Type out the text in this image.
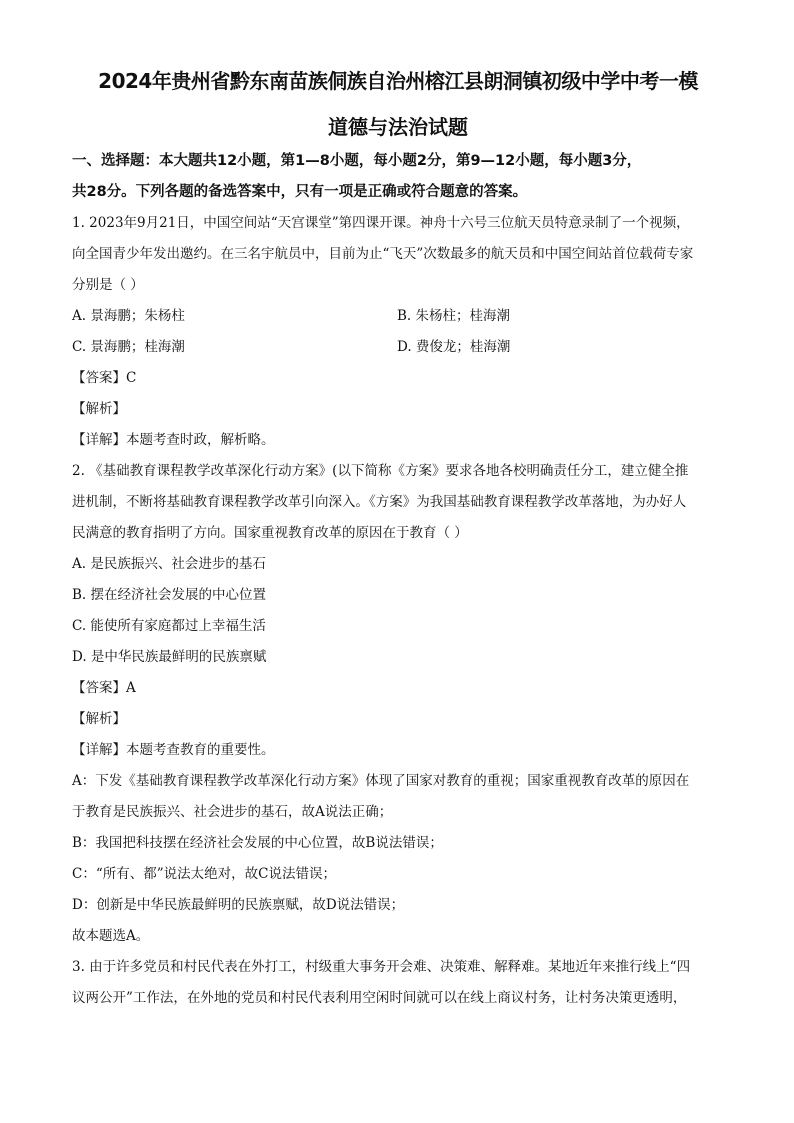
2024年贵州省黔东南苗族侗族自治州榕江县朗洞镇初级中学中考一模

道德与法治试题

一、选择题：本大题共12小题，第1—8小题，每小题2分，第9—12小题，每小题3分，

共28分。下列各题的备选答案中，只有一项是正确或符合题意的答案。

1. 2023年9月21日，中国空间站“天宫课堂”第四课开课。神舟十六号三位航天员特意录制了一个视频，

向全国青少年发出邀约。在三名宇航员中，目前为止“飞天”次数最多的航天员和中国空间站首位载荷专家

分别是（ ）

A. 景海鹏；朱杨柱	B. 朱杨柱；桂海潮
C. 景海鹏；桂海潮	D. 费俊龙；桂海潮

【答案】C

【解析】

【详解】本题考查时政，解析略。

2. 《基础教育课程教学改革深化行动方案》(以下简称《方案》要求各地各校明确责任分工，建立健全推

进机制，不断将基础教育课程教学改革引向深入。《方案》为我国基础教育课程教学改革落地，为办好人

民满意的教育指明了方向。国家重视教育改革的原因在于教育（ ）

A. 是民族振兴、社会进步的基石

B. 摆在经济社会发展的中心位置

C. 能使所有家庭都过上幸福生活

D. 是中华民族最鲜明的民族禀赋

【答案】A

【解析】

【详解】本题考查教育的重要性。

A：下发《基础教育课程教学改革深化行动方案》体现了国家对教育的重视；国家重视教育改革的原因在

于教育是民族振兴、社会进步的基石，故A说法正确；

B：我国把科技摆在经济社会发展的中心位置，故B说法错误；

C：“所有、都”说法太绝对，故C说法错误；

D：创新是中华民族最鲜明的民族禀赋，故D说法错误；

故本题选A。

3. 由于许多党员和村民代表在外打工，村级重大事务开会难、决策难、解释难。某地近年来推行线上“四

议两公开”工作法，在外地的党员和村民代表利用空闲时间就可以在线上商议村务，让村务决策更透明，
